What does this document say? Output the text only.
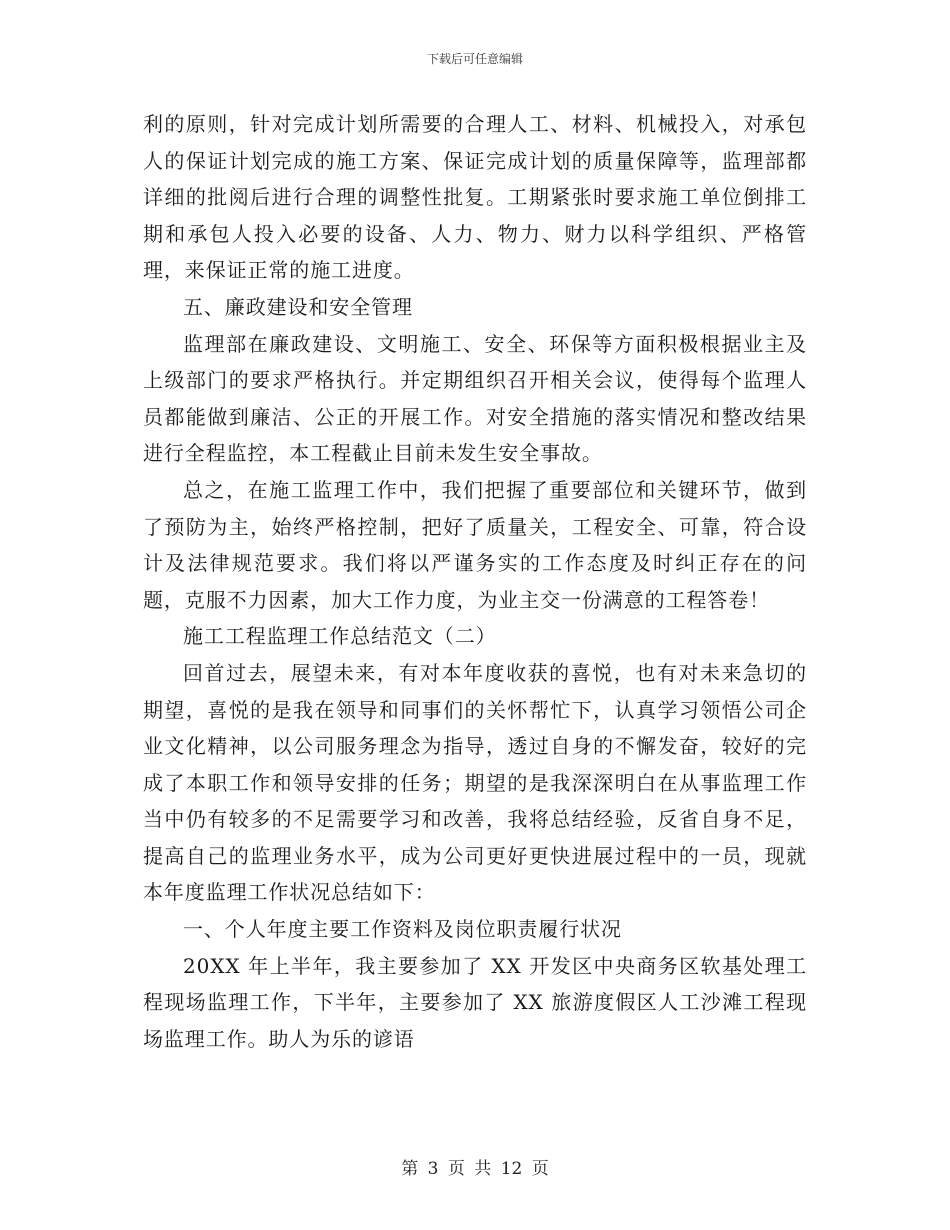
下载后可任意编辑

利的原则，针对完成计划所需要的合理人工、材料、机械投入，对承包人的保证计划完成的施工方案、保证完成计划的质量保障等，监理部都详细的批阅后进行合理的调整性批复。工期紧张时要求施工单位倒排工期和承包人投入必要的设备、人力、物力、财力以科学组织、严格管理，来保证正常的施工进度。

五、廉政建设和安全管理

监理部在廉政建设、文明施工、安全、环保等方面积极根据业主及上级部门的要求严格执行。并定期组织召开相关会议，使得每个监理人员都能做到廉洁、公正的开展工作。对安全措施的落实情况和整改结果进行全程监控，本工程截止目前未发生安全事故。

总之，在施工监理工作中，我们把握了重要部位和关键环节，做到了预防为主，始终严格控制，把好了质量关，工程安全、可靠，符合设计及法律规范要求。我们将以严谨务实的工作态度及时纠正存在的问题，克服不力因素，加大工作力度，为业主交一份满意的工程答卷！

施工工程监理工作总结范文（二）

回首过去，展望未来，有对本年度收获的喜悦，也有对未来急切的期望，喜悦的是我在领导和同事们的关怀帮忙下，认真学习领悟公司企业文化精神，以公司服务理念为指导，透过自身的不懈发奋，较好的完成了本职工作和领导安排的任务；期望的是我深深明白在从事监理工作当中仍有较多的不足需要学习和改善，我将总结经验，反省自身不足，提高自己的监理业务水平，成为公司更好更快进展过程中的一员，现就本年度监理工作状况总结如下：

一、个人年度主要工作资料及岗位职责履行状况

20XX 年上半年，我主要参加了 XX 开发区中央商务区软基处理工程现场监理工作，下半年，主要参加了 XX 旅游度假区人工沙滩工程现场监理工作。助人为乐的谚语

第 3 页 共 12 页
